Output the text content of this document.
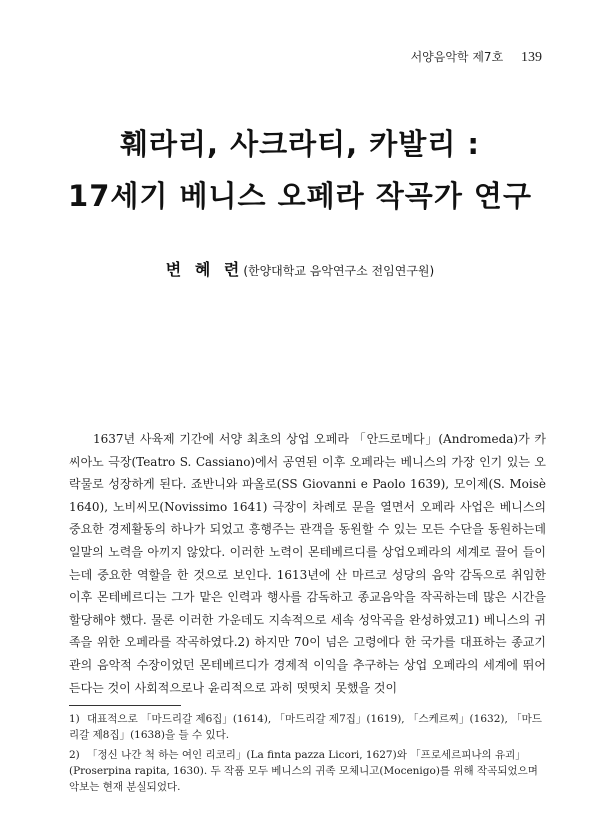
서양음악학 제7호 139
훼라리, 사크라티, 카발리 :
17세기 베니스 오페라 작곡가 연구
변 혜 련(한양대학교 음악연구소 전임연구원)

1637년 사육제 기간에 서양 최초의 상업 오페라 「안드로메다」(Andromeda)가 카씨아노 극장(Teatro S. Cassiano)에서 공연된 이후 오페라는 베니스의 가장 인기 있는 오락물로 성장하게 된다. 죠반니와 파올로(SS Giovanni e Paolo 1639), 모이제(S. Moisè 1640), 노비씨모(Novissimo 1641) 극장이 차례로 문을 열면서 오페라 사업은 베니스의 중요한 경제활동의 하나가 되었고 흥행주는 관객을 동원할 수 있는 모든 수단을 동원하는데 일말의 노력을 아끼지 않았다. 이러한 노력이 몬테베르디를 상업오페라의 세계로 끌어 들이는데 중요한 역할을 한 것으로 보인다. 1613년에 산 마르코 성당의 음악 감독으로 취임한 이후 몬테베르디는 그가 맡은 인력과 행사를 감독하고 종교음악을 작곡하는데 많은 시간을 할당해야 했다. 물론 이러한 가운데도 지속적으로 세속 성악곡을 완성하였고1) 베니스의 귀족을 위한 오페라를 작곡하였다.2) 하지만 70이 넘은 고령에다 한 국가를 대표하는 종교기관의 음악적 수장이었던 몬테베르디가 경제적 이익을 추구하는 상업 오페라의 세계에 뛰어든다는 것이 사회적으로나 윤리적으로 과히 떳떳치 못했을 것이

1) 대표적으로 「마드리갈 제6집」(1614), 「마드리갈 제7집」(1619), 「스케르찌」(1632), 「마드리갈 제8집」(1638)을 들 수 있다.
2) 「정신 나간 척 하는 여인 리코리」(La finta pazza Licori, 1627)와 「프로세르피나의 유괴」(Proserpina rapita, 1630). 두 작품 모두 베니스의 귀족 모체니고(Mocenigo)를 위해 작곡되었으며 악보는 현재 분실되었다.
